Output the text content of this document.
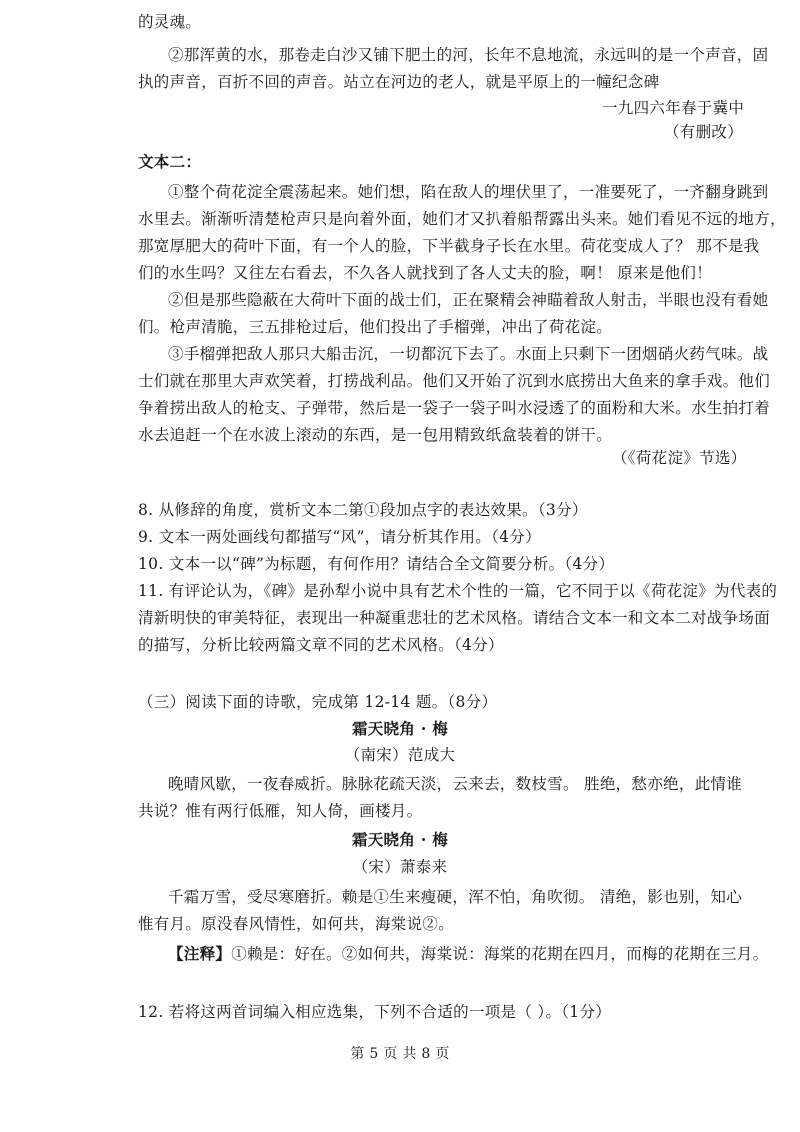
的灵魂。
②那浑黄的水，那卷走白沙又铺下肥土的河，长年不息地流，永远叫的是一个声音，固
执的声音，百折不回的声音。站立在河边的老人，就是平原上的一幢纪念碑
一九四六年春于冀中
（有删改）
文本二：
①整个荷花淀全震荡起来。她们想，陷在敌人的埋伏里了，一准要死了，一齐翻身跳到
水里去。渐渐听清楚枪声只是向着外面，她们才又扒着船帮露出头来。她们看见不远的地方，
那宽厚肥大的荷叶下面，有一个人的脸，下半截身子长在水里。荷花变成人了？ 那不是我
们的水生吗？又往左右看去，不久各人就找到了各人丈夫的脸，啊！ 原来是他们！
②但是那些隐蔽在大荷叶下面的战士们，正在聚精会神瞄着敌人射击，半眼也没有看她
们。枪声清脆，三五排枪过后，他们投出了手榴弹，冲出了荷花淀。
③手榴弹把敌人那只大船击沉，一切都沉下去了。水面上只剩下一团烟硝火药气味。战
士们就在那里大声欢笑着，打捞战利品。他们又开始了沉到水底捞出大鱼来的拿手戏。他们
争着捞出敌人的枪支、子弹带，然后是一袋子一袋子叫水浸透了的面粉和大米。水生拍打着
水去追赶一个在水波上滚动的东西，是一包用精致纸盒装着的饼干。
（《荷花淀》节选）
8. 从修辞的角度，赏析文本二第①段加点字的表达效果。（3分）
9. 文本一两处画线句都描写“风”，请分析其作用。（4分）
10. 文本一以“碑”为标题，有何作用？请结合全文简要分析。（4分）
11. 有评论认为，《碑》是孙犁小说中具有艺术个性的一篇，它不同于以《荷花淀》为代表的
清新明快的审美特征，表现出一种凝重悲壮的艺术风格。请结合文本一和文本二对战争场面
的描写，分析比较两篇文章不同的艺术风格。（4分）
（三）阅读下面的诗歌，完成第 12-14 题。（8分）
霜天晓角 · 梅
（南宋）范成大
晚晴风歇，一夜春威折。脉脉花疏天淡，云来去，数枝雪。 胜绝，愁亦绝，此情谁
共说？惟有两行低雁，知人倚，画楼月。
霜天晓角 · 梅
（宋）萧泰来
千霜万雪，受尽寒磨折。赖是①生来瘦硬，浑不怕，角吹彻。 清绝，影也别，知心
惟有月。原没春风情性，如何共，海棠说②。
【注释】①赖是：好在。②如何共，海棠说：海棠的花期在四月，而梅的花期在三月。
12. 若将这两首词编入相应选集，下列不合适的一项是（ ）。（1分）
第 5 页 共 8 页
